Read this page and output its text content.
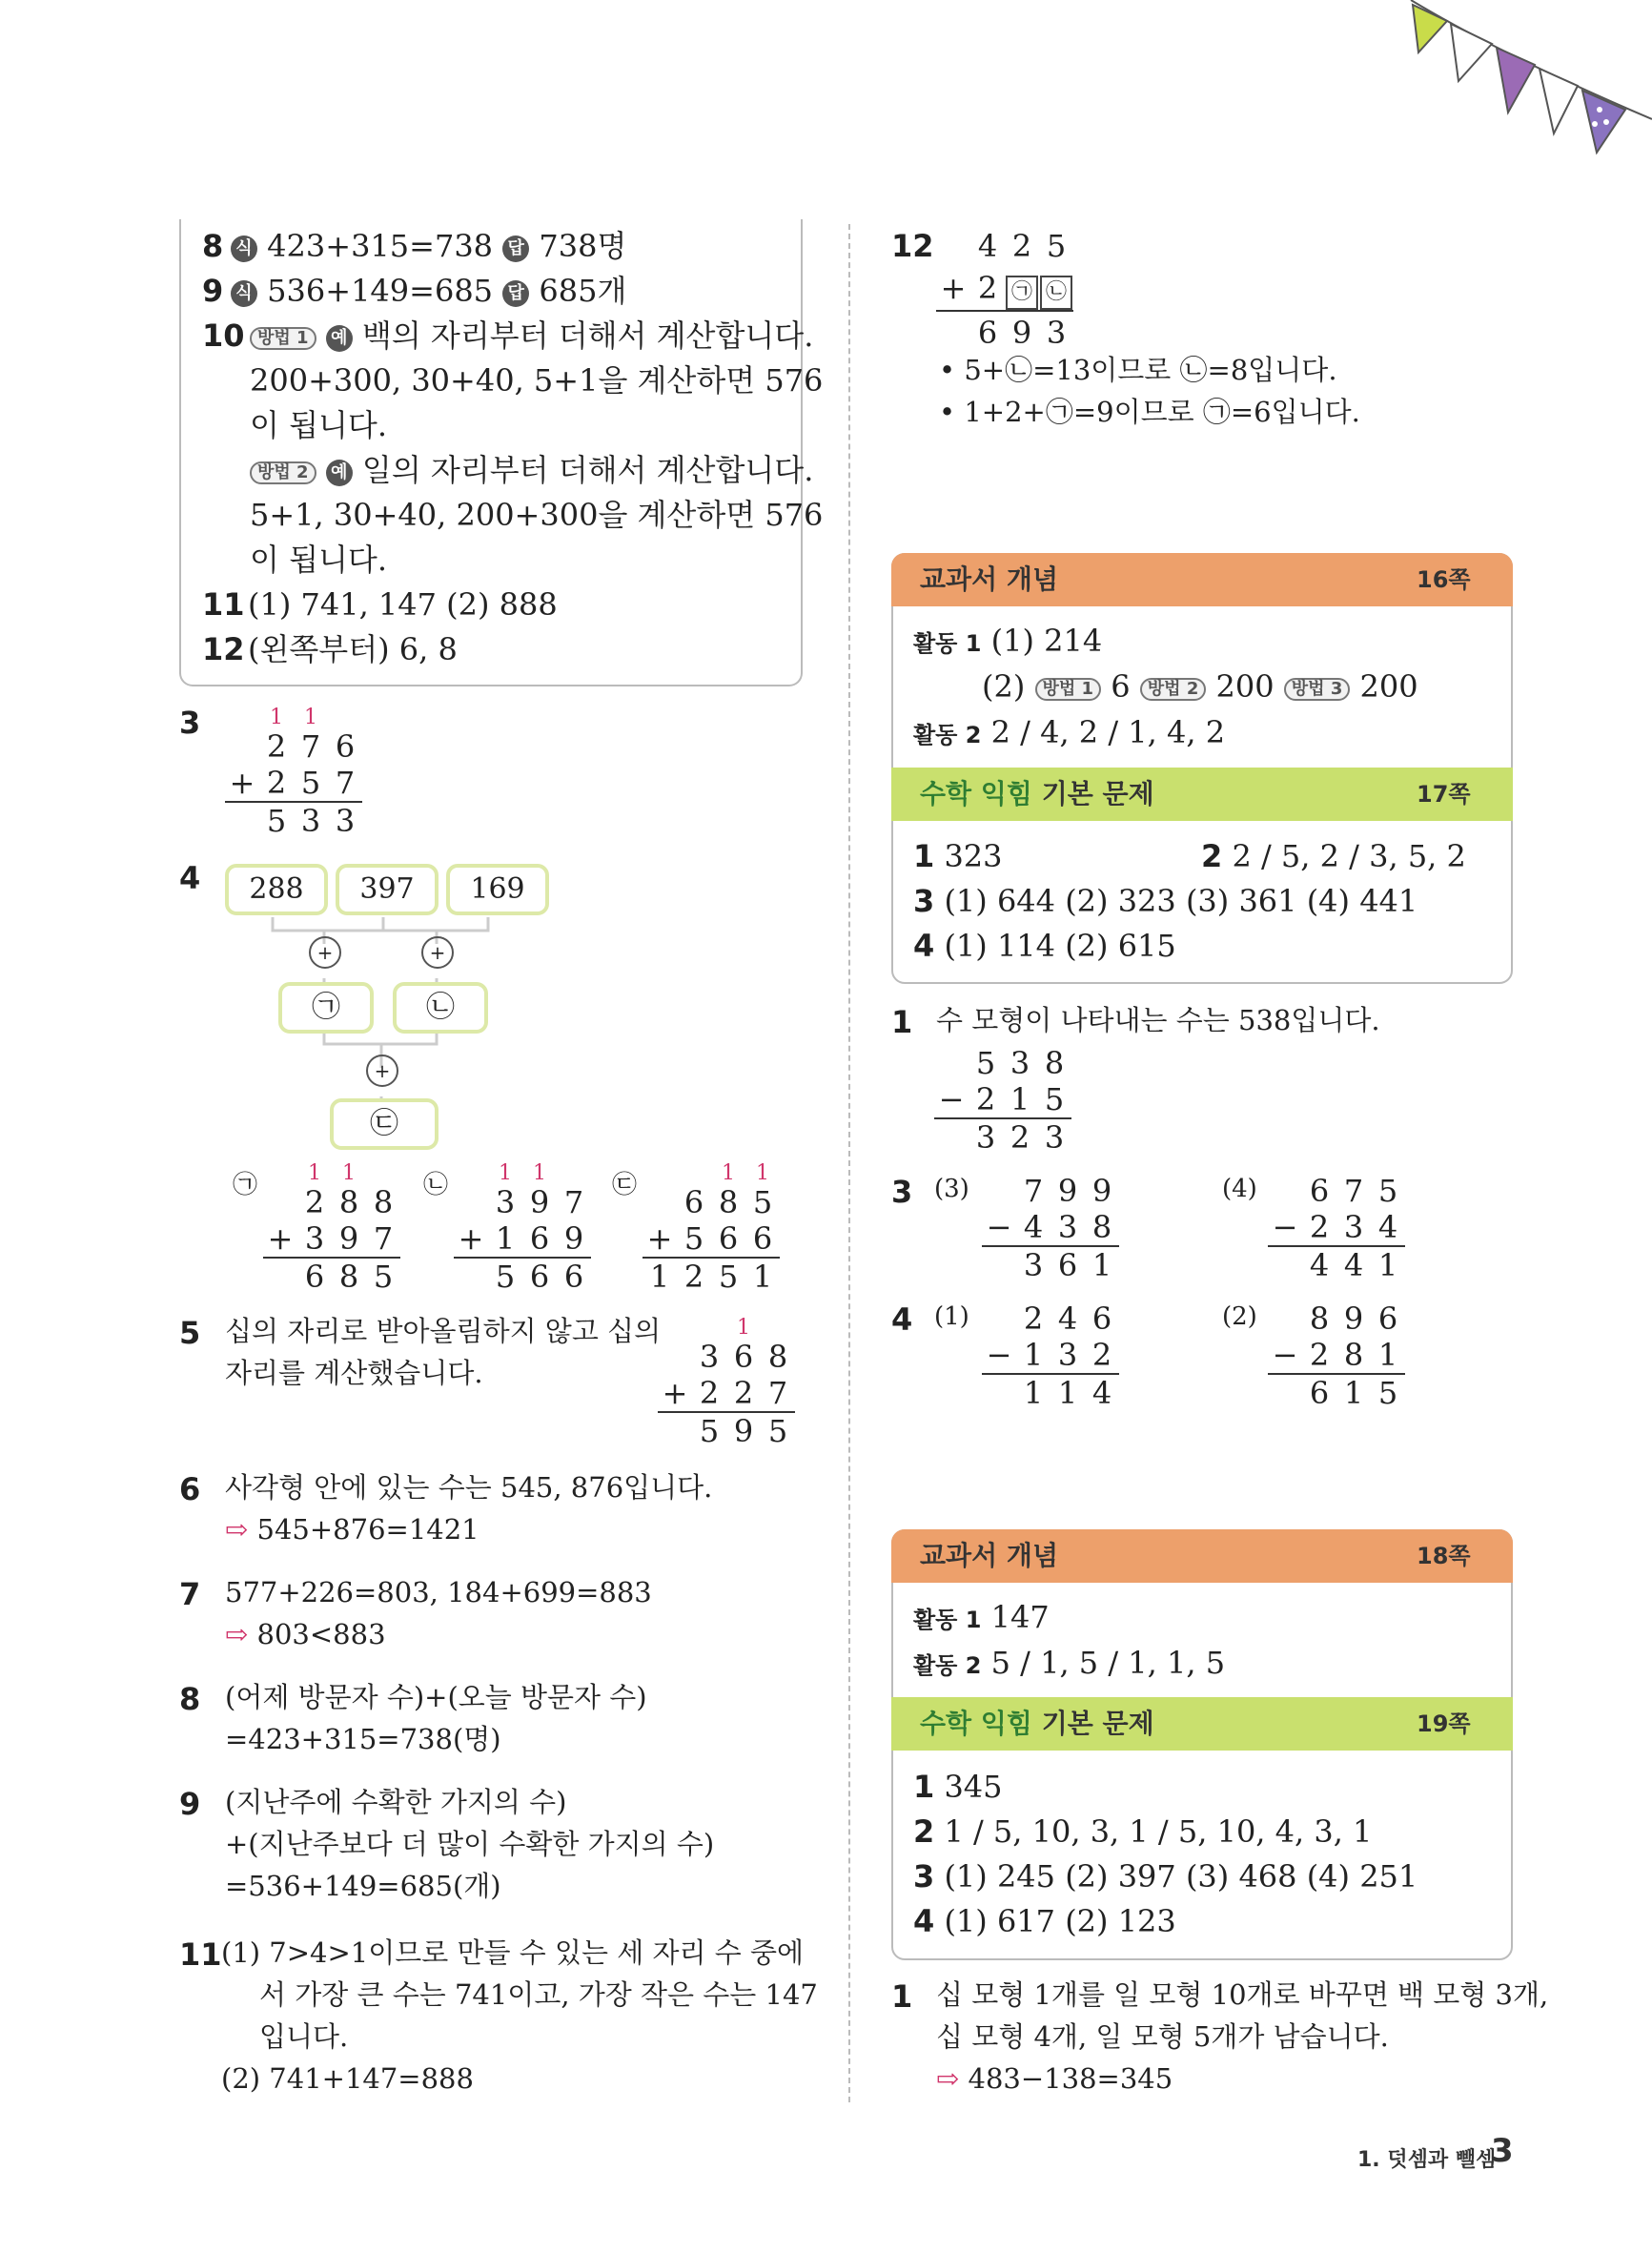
8 식 423+315=738 답 738명
9 식 536+149=685 답 685개
10 방법 1 예 백의 자리부터 더해서 계산합니다.
200+300, 30+40, 5+1을 계산하면 576
이 됩니다.
방법 2 예 일의 자리부터 더해서 계산합니다.
5+1, 30+40, 200+300을 계산하면 576
이 됩니다.
11 (1) 741, 147 (2) 888
12 (왼쪽부터) 6, 8
3	1	1
2 7 6
+ 2 5 7
5 3 3
4	288	397	169
+	+
㉠	㉡
+
㉢
㉠	1	1
2 8 8
+ 3 9 7
6 8 5
㉡	1	1
3 9 7
+ 1 6 9
5 6 6
㉢	1	1
6 8 5
+ 5 6 6
1 2 5 1
5 십의 자리로 받아올림하지 않고 십의
자리를 계산했습니다.
1
3 6 8
+ 2 2 7
5 9 5
6 사각형 안에 있는 수는 545, 876입니다.
⇨ 545+876=1421
7 577+226=803, 184+699=883
⇨ 803<883
8 (어제 방문자 수)+(오늘 방문자 수)
=423+315=738(명)
9 (지난주에 수확한 가지의 수)
+(지난주보다 더 많이 수확한 가지의 수)
=536+149=685(개)
11 (1) 7>4>1이므로 만들 수 있는 세 자리 수 중에
서 가장 큰 수는 741이고, 가장 작은 수는 147
입니다.
(2) 741+147=888
12 4 2 5
+ 2 ㉠ ㉡
6 9 3
• 5+㉡=13이므로 ㉡=8입니다.
• 1+2+㉠=9이므로 ㉠=6입니다.
교과서 개념	16쪽
활동 1 (1) 214
(2) 방법 1 6 방법 2 200 방법 3 200
활동 2 2 / 4, 2 / 1, 4, 2
수학 익힘 기본 문제	17쪽
1 323	2 2 / 5, 2 / 3, 5, 2
3 (1) 644 (2) 323 (3) 361 (4) 441
4 (1) 114 (2) 615
1 수 모형이 나타내는 수는 538입니다.
5 3 8
− 2 1 5
3 2 3
3 (3) 7 9 9
− 4 3 8
3 6 1
(4) 6 7 5
− 2 3 4
4 4 1
4 (1) 2 4 6
− 1 3 2
1 1 4
(2) 8 9 6
− 2 8 1
6 1 5
교과서 개념	18쪽
활동 1 147
활동 2 5 / 1, 5 / 1, 1, 5
수학 익힘 기본 문제	19쪽
1 345
2 1 / 5, 10, 3, 1 / 5, 10, 4, 3, 1
3 (1) 245 (2) 397 (3) 468 (4) 251
4 (1) 617 (2) 123
1 십 모형 1개를 일 모형 10개로 바꾸면 백 모형 3개,
십 모형 4개, 일 모형 5개가 남습니다.
⇨ 483−138=345
1. 덧셈과 뺄셈
3
